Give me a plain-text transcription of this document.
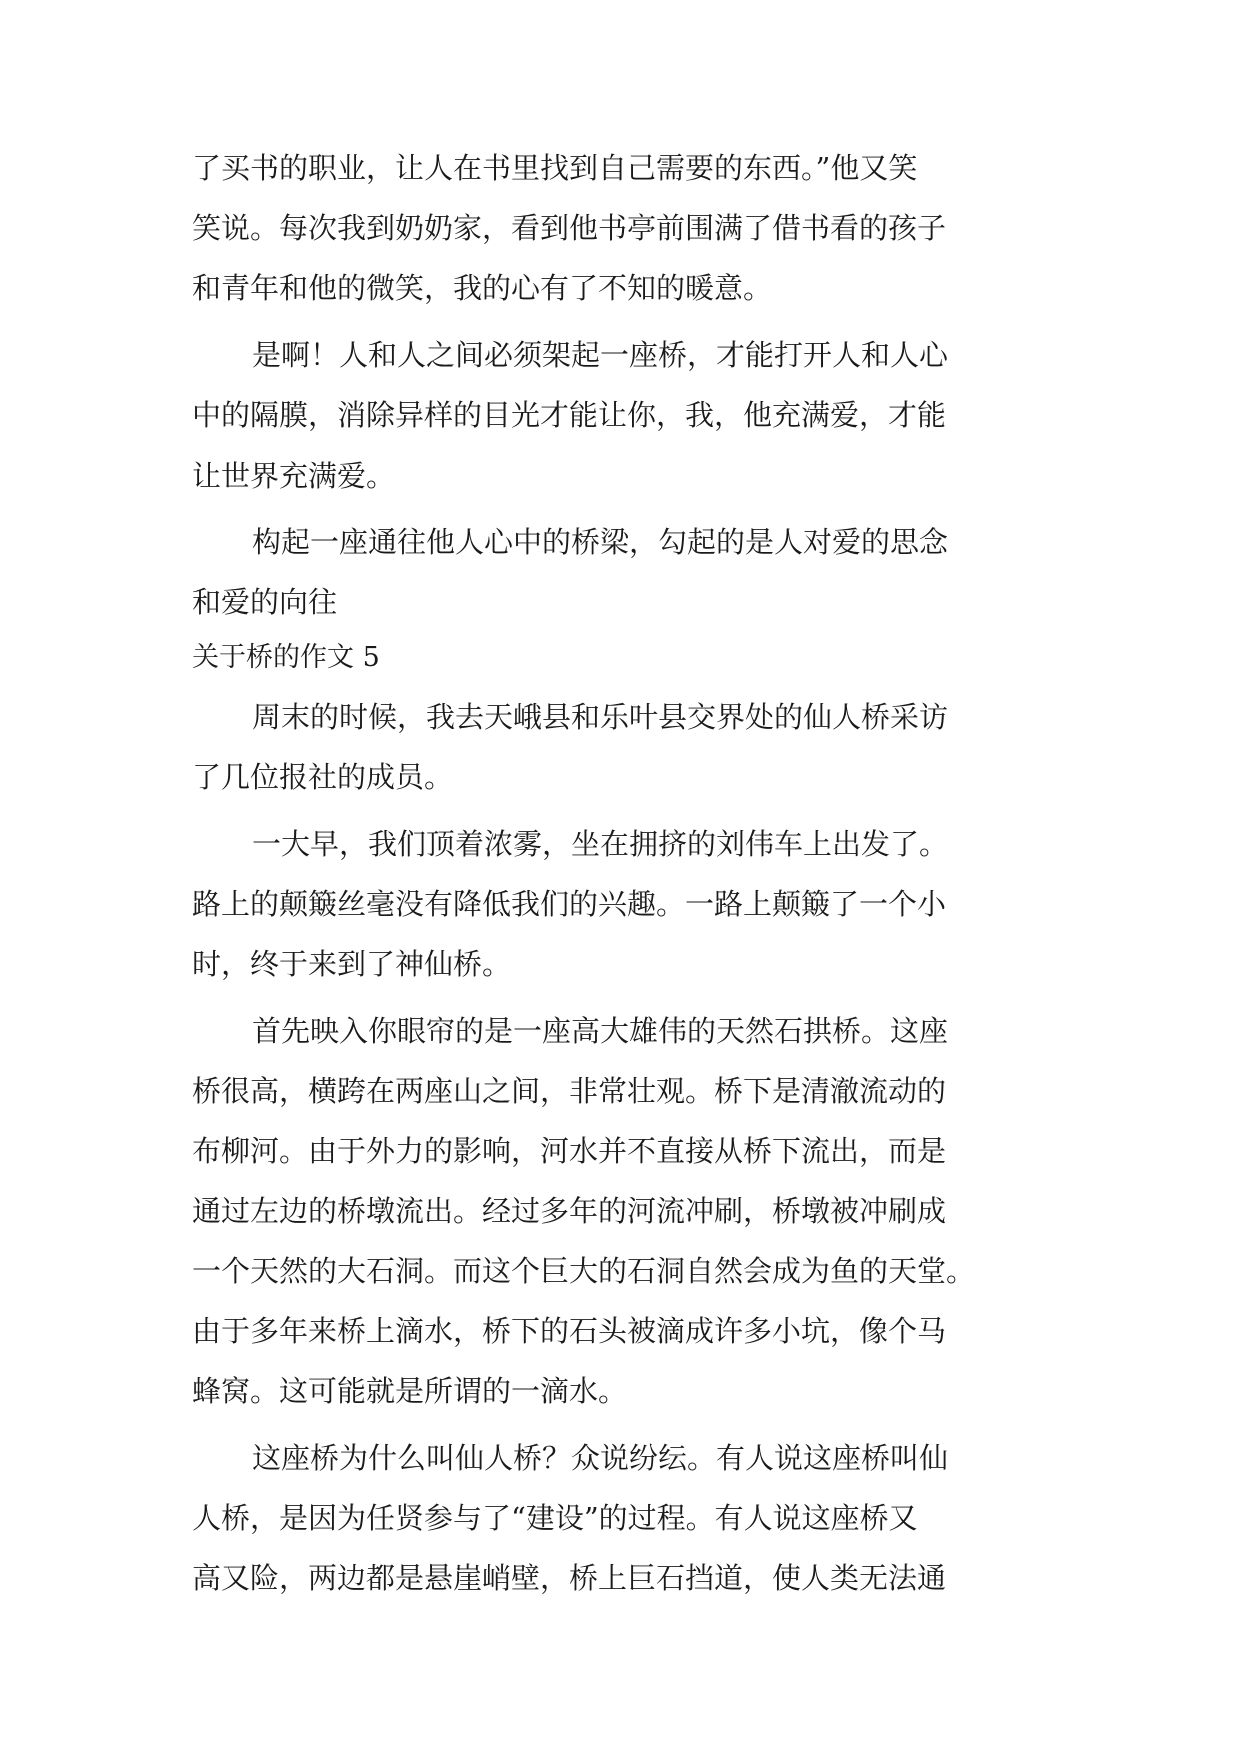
了买书的职业，让人在书里找到自己需要的东西。”他又笑
笑说。每次我到奶奶家，看到他书亭前围满了借书看的孩子
和青年和他的微笑，我的心有了不知的暖意。
是啊！人和人之间必须架起一座桥，才能打开人和人心
中的隔膜，消除异样的目光才能让你，我，他充满爱，才能
让世界充满爱。
构起一座通往他人心中的桥梁，勾起的是人对爱的思念
和爱的向往
关于桥的作文 5
周末的时候，我去天峨县和乐叶县交界处的仙人桥采访
了几位报社的成员。
一大早，我们顶着浓雾，坐在拥挤的刘伟车上出发了。
路上的颠簸丝毫没有降低我们的兴趣。一路上颠簸了一个小
时，终于来到了神仙桥。
首先映入你眼帘的是一座高大雄伟的天然石拱桥。这座
桥很高，横跨在两座山之间，非常壮观。桥下是清澈流动的
布柳河。由于外力的影响，河水并不直接从桥下流出，而是
通过左边的桥墩流出。经过多年的河流冲刷，桥墩被冲刷成
一个天然的大石洞。而这个巨大的石洞自然会成为鱼的天堂。
由于多年来桥上滴水，桥下的石头被滴成许多小坑，像个马
蜂窝。这可能就是所谓的一滴水。
这座桥为什么叫仙人桥？众说纷纭。有人说这座桥叫仙
人桥，是因为任贤参与了“建设”的过程。有人说这座桥又
高又险，两边都是悬崖峭壁，桥上巨石挡道，使人类无法通
